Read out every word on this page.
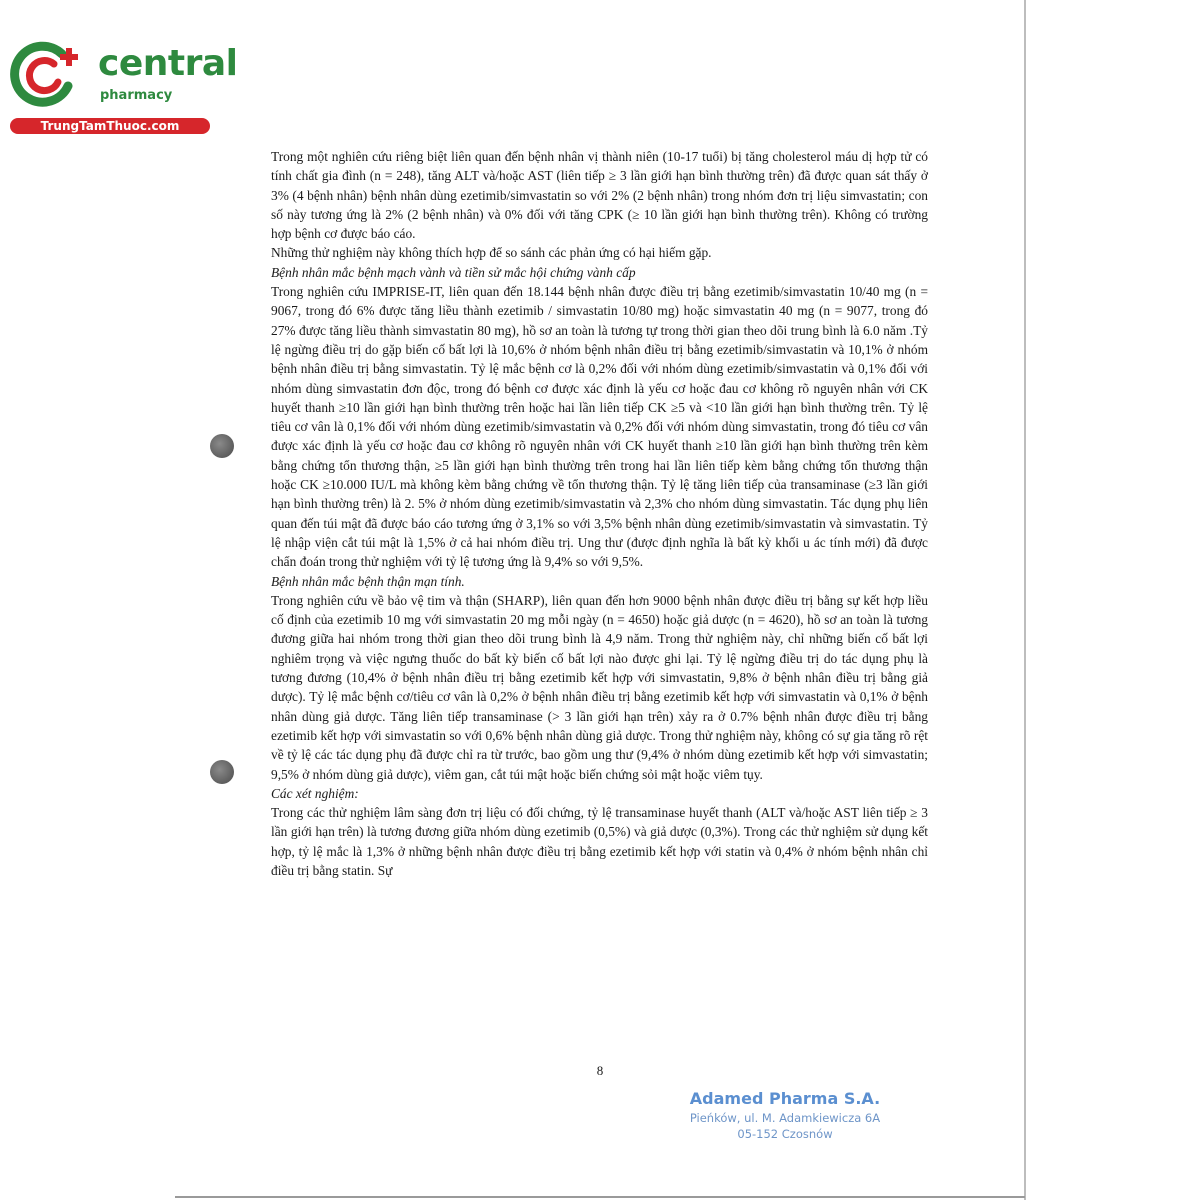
central
pharmacy
TrungTamThuoc.com

Trong một nghiên cứu riêng biệt liên quan đến bệnh nhân vị thành niên (10-17 tuổi) bị tăng cholesterol máu dị hợp tử có tính chất gia đình (n = 248), tăng ALT và/hoặc AST (liên tiếp ≥ 3 lần giới hạn bình thường trên) đã được quan sát thấy ở 3% (4 bệnh nhân) bệnh nhân dùng ezetimib/simvastatin so với 2% (2 bệnh nhân) trong nhóm đơn trị liệu simvastatin; con số này tương ứng là 2% (2 bệnh nhân) và 0% đối với tăng CPK (≥ 10 lần giới hạn bình thường trên). Không có trường hợp bệnh cơ được báo cáo.

Những thử nghiệm này không thích hợp để so sánh các phản ứng có hại hiếm gặp.

Bệnh nhân mắc bệnh mạch vành và tiền sử mắc hội chứng vành cấp

Trong nghiên cứu IMPRISE-IT, liên quan đến 18.144 bệnh nhân được điều trị bằng ezetimib/simvastatin 10/40 mg (n = 9067, trong đó 6% được tăng liều thành ezetimib / simvastatin 10/80 mg) hoặc simvastatin 40 mg (n = 9077, trong đó 27% được tăng liều thành simvastatin 80 mg), hồ sơ an toàn là tương tự trong thời gian theo dõi trung bình là 6.0 năm .Tỷ lệ ngừng điều trị do gặp biến cố bất lợi là 10,6% ở nhóm bệnh nhân điều trị bằng ezetimib/simvastatin và 10,1% ở nhóm bệnh nhân điều trị bằng simvastatin. Tỷ lệ mắc bệnh cơ là 0,2% đối với nhóm dùng ezetimib/simvastatin và 0,1% đối với nhóm dùng simvastatin đơn độc, trong đó bệnh cơ được xác định là yếu cơ hoặc đau cơ không rõ nguyên nhân với CK huyết thanh ≥10 lần giới hạn bình thường trên hoặc hai lần liên tiếp CK ≥5 và <10 lần giới hạn bình thường trên. Tỷ lệ tiêu cơ vân là 0,1% đối với nhóm dùng ezetimib/simvastatin và 0,2% đối với nhóm dùng simvastatin, trong đó tiêu cơ vân được xác định là yếu cơ hoặc đau cơ không rõ nguyên nhân với CK huyết thanh ≥10 lần giới hạn bình thường trên kèm bằng chứng tổn thương thận, ≥5 lần giới hạn bình thường trên trong hai lần liên tiếp kèm bằng chứng tổn thương thận hoặc CK ≥10.000 IU/L mà không kèm bằng chứng về tổn thương thận. Tỷ lệ tăng liên tiếp của transaminase (≥3 lần giới hạn bình thường trên) là 2. 5% ở nhóm dùng ezetimib/simvastatin và 2,3% cho nhóm dùng simvastatin. Tác dụng phụ liên quan đến túi mật đã được báo cáo tương ứng ở 3,1% so với 3,5% bệnh nhân dùng ezetimib/simvastatin và simvastatin. Tỷ lệ nhập viện cắt túi mật là 1,5% ở cả hai nhóm điều trị. Ung thư (được định nghĩa là bất kỳ khối u ác tính mới) đã được chẩn đoán trong thử nghiệm với tỷ lệ tương ứng là 9,4% so với 9,5%.

Bệnh nhân mắc bệnh thận mạn tính.

Trong nghiên cứu về bảo vệ tim và thận (SHARP), liên quan đến hơn 9000 bệnh nhân được điều trị bằng sự kết hợp liều cố định của ezetimib 10 mg với simvastatin 20 mg mỗi ngày (n = 4650) hoặc giả dược (n = 4620), hồ sơ an toàn là tương đương giữa hai nhóm trong thời gian theo dõi trung bình là 4,9 năm. Trong thử nghiệm này, chỉ những biến cố bất lợi nghiêm trọng và việc ngưng thuốc do bất kỳ biến cố bất lợi nào được ghi lại. Tỷ lệ ngừng điều trị do tác dụng phụ là tương đương (10,4% ở bệnh nhân điều trị bằng ezetimib kết hợp với simvastatin, 9,8% ở bệnh nhân điều trị bằng giả dược). Tỷ lệ mắc bệnh cơ/tiêu cơ vân là 0,2% ở bệnh nhân điều trị bằng ezetimib kết hợp với simvastatin và 0,1% ở bệnh nhân dùng giả dược. Tăng liên tiếp transaminase (> 3 lần giới hạn trên) xảy ra ở 0.7% bệnh nhân được điều trị bằng ezetimib kết hợp với simvastatin so với 0,6% bệnh nhân dùng giả dược. Trong thử nghiệm này, không có sự gia tăng rõ rệt về tỷ lệ các tác dụng phụ đã được chỉ ra từ trước, bao gồm ung thư (9,4% ở nhóm dùng ezetimib kết hợp với simvastatin; 9,5% ở nhóm dùng giả dược), viêm gan, cắt túi mật hoặc biến chứng sỏi mật hoặc viêm tụy.

Các xét nghiệm:

Trong các thử nghiệm lâm sàng đơn trị liệu có đối chứng, tỷ lệ transaminase huyết thanh (ALT và/hoặc AST liên tiếp ≥ 3 lần giới hạn trên) là tương đương giữa nhóm dùng ezetimib (0,5%) và giả dược (0,3%). Trong các thử nghiệm sử dụng kết hợp, tỷ lệ mắc là 1,3% ở những bệnh nhân được điều trị bằng ezetimib kết hợp với statin và 0,4% ở nhóm bệnh nhân chỉ điều trị bằng statin. Sự

8
Adamed Pharma S.A.
Pieńków, ul. M. Adamkiewicza 6A
05-152 Czosnów
